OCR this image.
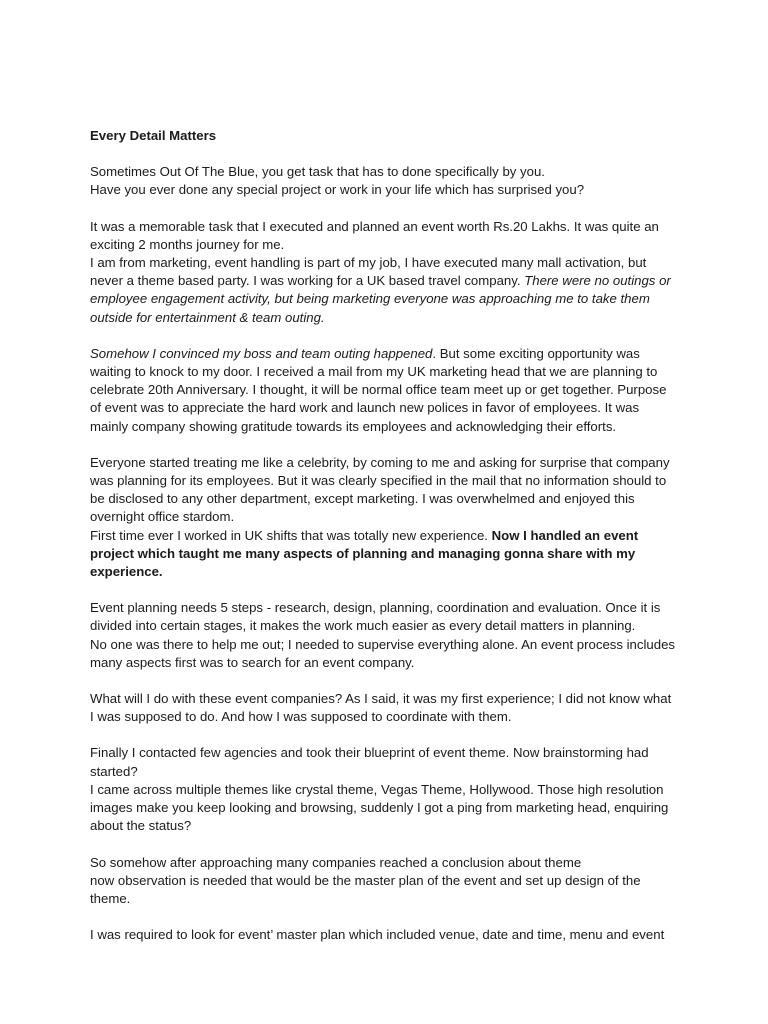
Every Detail Matters
Sometimes Out Of The Blue, you get task that has to done specifically by you.
Have you ever done any special project or work in your life which has surprised you?
It was a memorable task that I executed and planned an event worth Rs.20 Lakhs. It was quite an
exciting 2 months journey for me.
I am from marketing, event handling is part of my job, I have executed many mall activation, but
never a theme based party. I was working for a UK based travel company. There were no outings or
employee engagement activity, but being marketing everyone was approaching me to take them
outside for entertainment & team outing.
Somehow I convinced my boss and team outing happened. But some exciting opportunity was
waiting to knock to my door. I received a mail from my UK marketing head that we are planning to
celebrate 20th Anniversary. I thought, it will be normal office team meet up or get together. Purpose
of event was to appreciate the hard work and launch new polices in favor of employees. It was
mainly company showing gratitude towards its employees and acknowledging their efforts.
Everyone started treating me like a celebrity, by coming to me and asking for surprise that company
was planning for its employees. But it was clearly specified in the mail that no information should to
be disclosed to any other department, except marketing. I was overwhelmed and enjoyed this
overnight office stardom.
First time ever I worked in UK shifts that was totally new experience. Now I handled an event
project which taught me many aspects of planning and managing gonna share with my
experience.
Event planning needs 5 steps - research, design, planning, coordination and evaluation. Once it is
divided into certain stages, it makes the work much easier as every detail matters in planning.
No one was there to help me out; I needed to supervise everything alone. An event process includes
many aspects first was to search for an event company.
What will I do with these event companies? As I said, it was my first experience; I did not know what
I was supposed to do. And how I was supposed to coordinate with them.
Finally I contacted few agencies and took their blueprint of event theme. Now brainstorming had
started?
I came across multiple themes like crystal theme, Vegas Theme, Hollywood. Those high resolution
images make you keep looking and browsing, suddenly I got a ping from marketing head, enquiring
about the status?
So somehow after approaching many companies reached a conclusion about theme
now observation is needed that would be the master plan of the event and set up design of the
theme.
I was required to look for event’ master plan which included venue, date and time, menu and event
